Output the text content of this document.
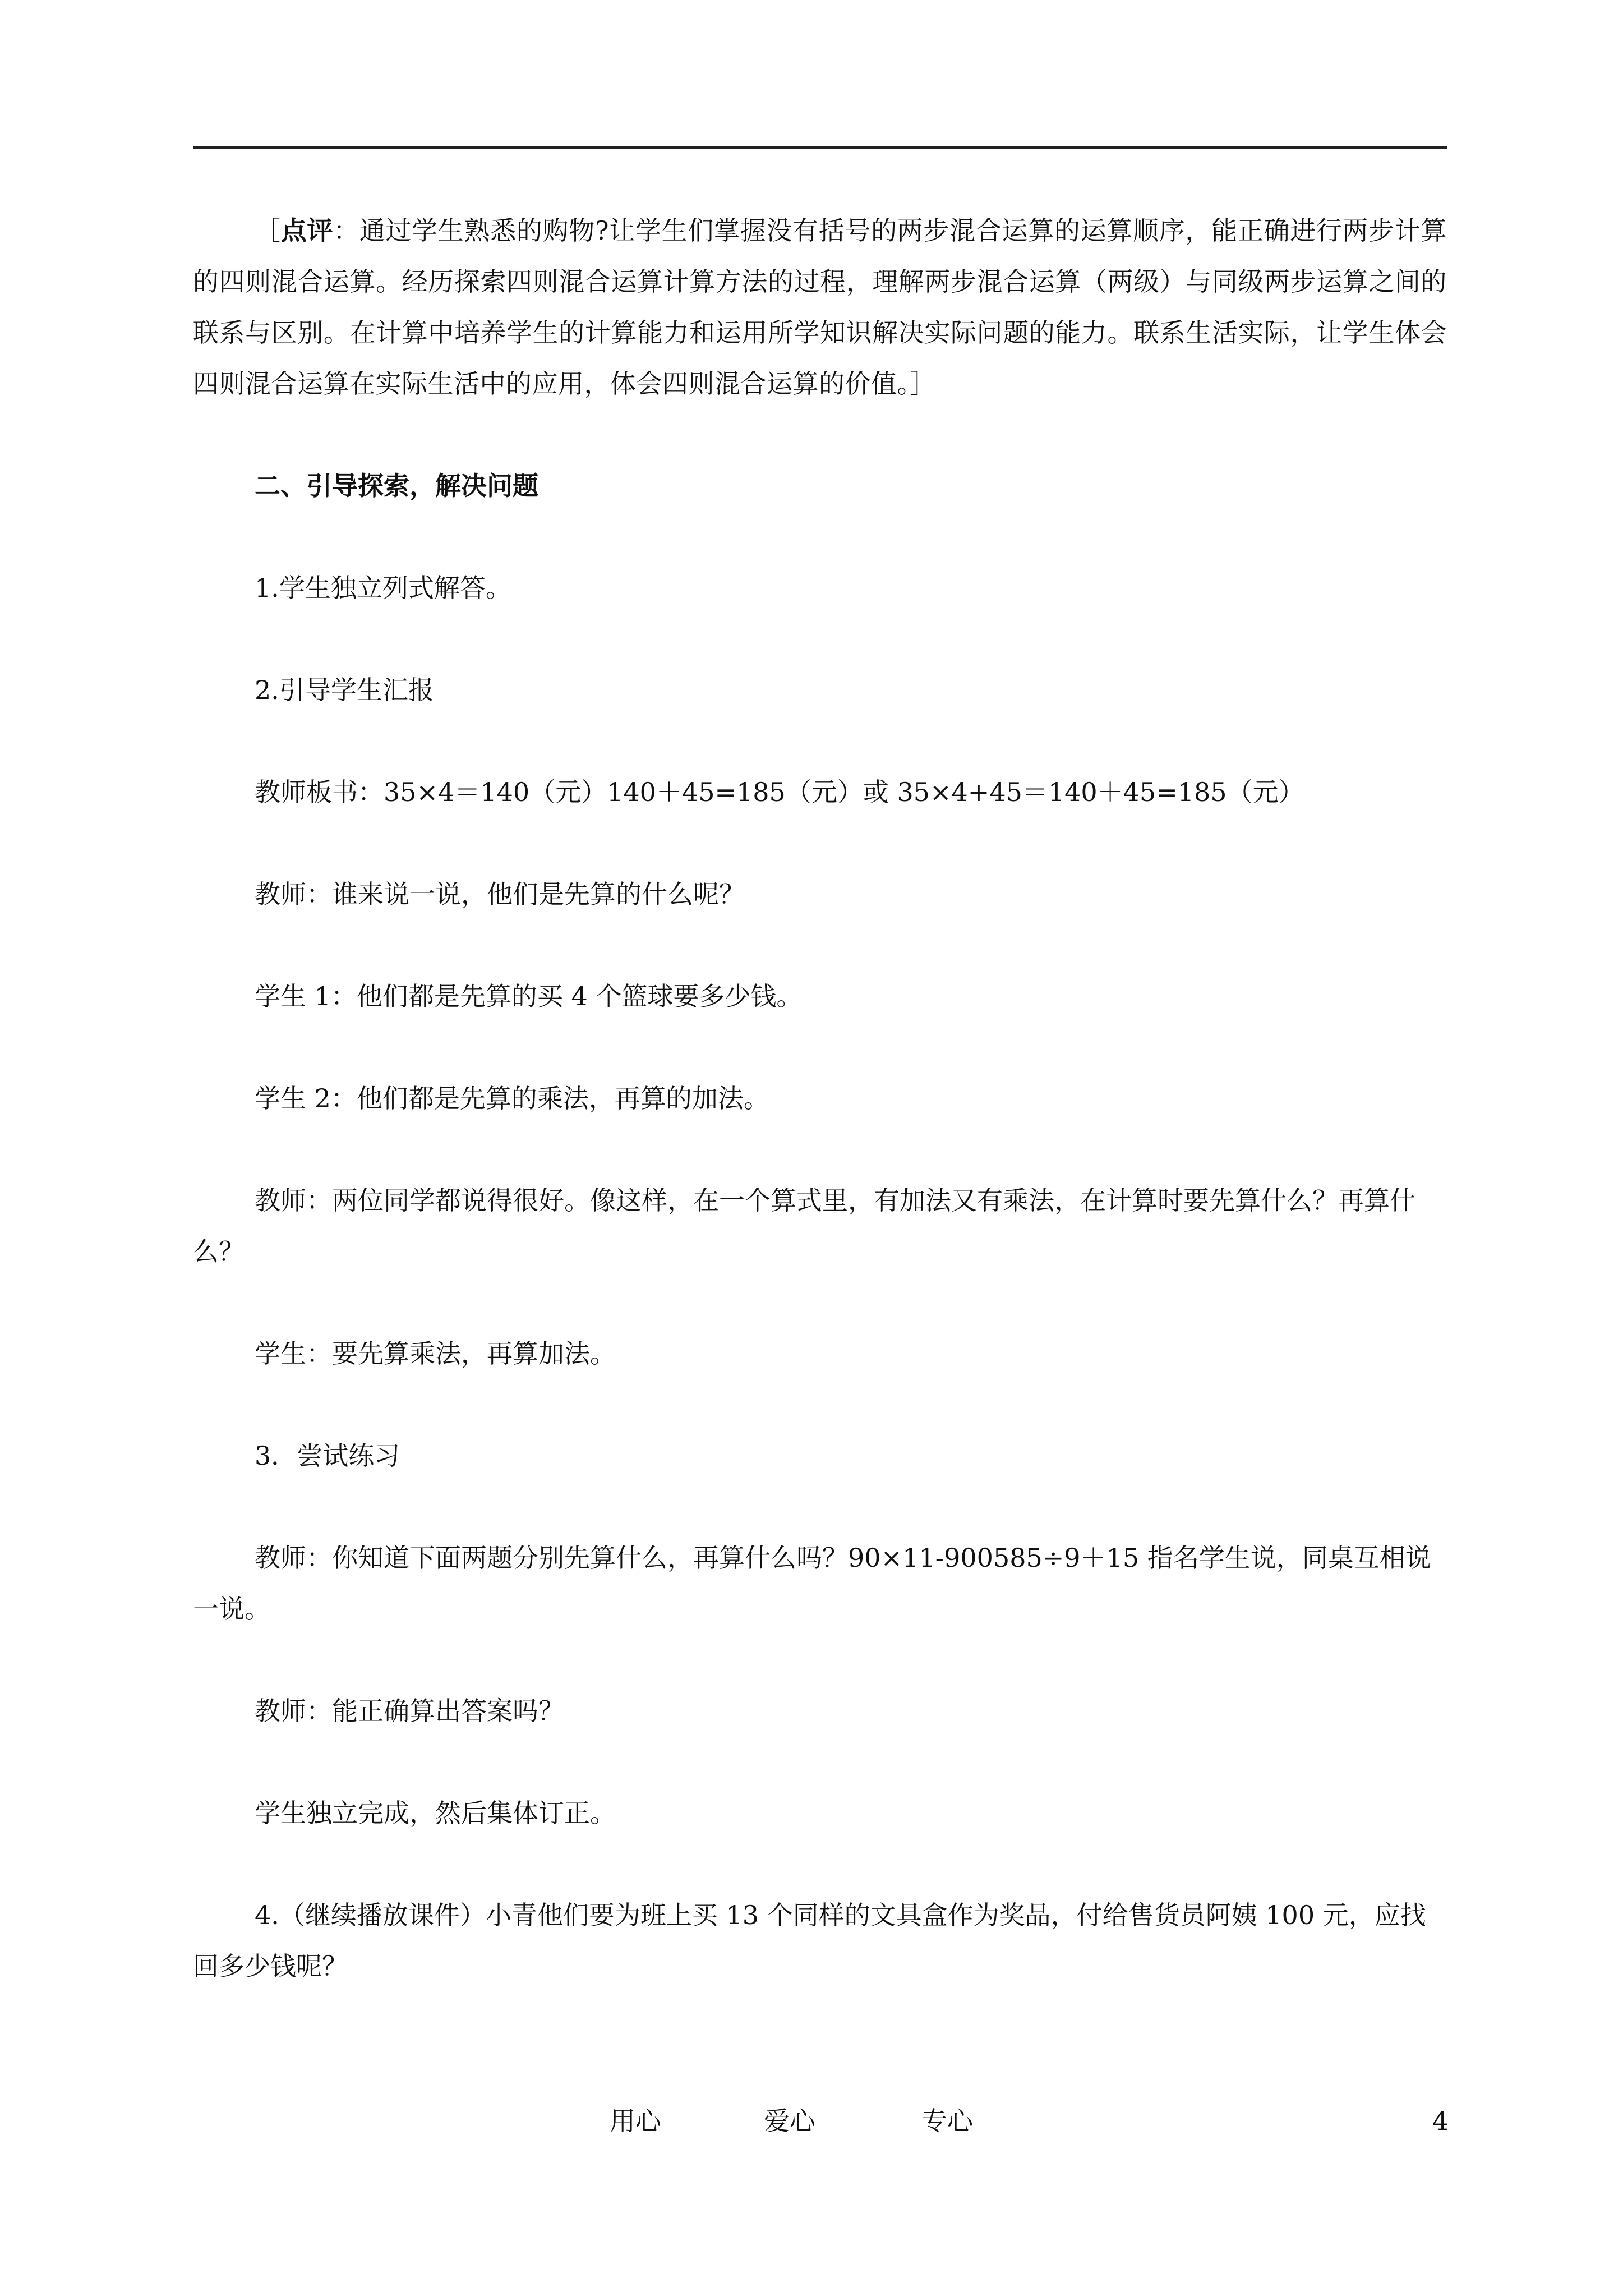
［点评：通过学生熟悉的购物?让学生们掌握没有括号的两步混合运算的运算顺序，能正确进行两步计算的四则混合运算。经历探索四则混合运算计算方法的过程，理解两步混合运算（两级）与同级两步运算之间的联系与区别。在计算中培养学生的计算能力和运用所学知识解决实际问题的能力。联系生活实际，让学生体会四则混合运算在实际生活中的应用，体会四则混合运算的价值。］

二、引导探索，解决问题

1.学生独立列式解答。

2.引导学生汇报

教师板书：35×4＝140（元）140＋45=185（元）或 35×4+45＝140＋45=185（元）

教师：谁来说一说，他们是先算的什么呢？

学生 1：他们都是先算的买 4 个篮球要多少钱。

学生 2：他们都是先算的乘法，再算的加法。

教师：两位同学都说得很好。像这样，在一个算式里，有加法又有乘法，在计算时要先算什么？再算什么？

学生：要先算乘法，再算加法。

3．尝试练习

教师：你知道下面两题分别先算什么，再算什么吗？90×11-900585÷9＋15 指名学生说，同桌互相说一说。

教师：能正确算出答案吗？

学生独立完成，然后集体订正。

4.（继续播放课件）小青他们要为班上买 13 个同样的文具盒作为奖品，付给售货员阿姨 100 元，应找回多少钱呢？

用心	爱心	专心	4
